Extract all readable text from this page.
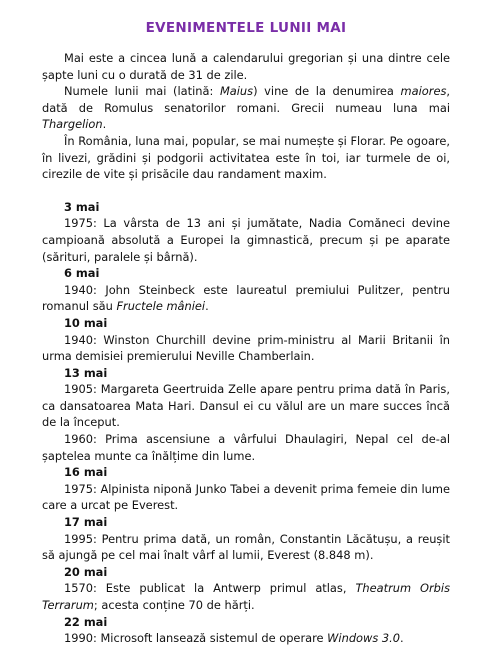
EVENIMENTELE LUNII MAI

Mai este a cincea lună a calendarului gregorian și una dintre cele șapte luni cu o durată de 31 de zile.

Numele lunii mai (latină: Maius) vine de la denumirea maiores, dată de Romulus senatorilor romani. Grecii numeau luna mai Thargelion.

În România, luna mai, popular, se mai numește și Florar. Pe ogoare, în livezi, grădini și podgorii activitatea este în toi, iar turmele de oi, cirezile de vite și prisăcile dau randament maxim.

3 mai

1975: La vârsta de 13 ani și jumătate, Nadia Comăneci devine campioană absolută a Europei la gimnastică, precum și pe aparate (sărituri, paralele și bârnă).

6 mai

1940: John Steinbeck este laureatul premiului Pulitzer, pentru romanul său Fructele mâniei.

10 mai

1940: Winston Churchill devine prim-ministru al Marii Britanii în urma demisiei premierului Neville Chamberlain.

13 mai

1905: Margareta Geertruida Zelle apare pentru prima dată în Paris, ca dansatoarea Mata Hari. Dansul ei cu vălul are un mare succes încă de la început.

1960: Prima ascensiune a vârfului Dhaulagiri, Nepal cel de-al șaptelea munte ca înălțime din lume.

16 mai

1975: Alpinista niponă Junko Tabei a devenit prima femeie din lume care a urcat pe Everest.

17 mai

1995: Pentru prima dată, un român, Constantin Lăcătușu, a reușit să ajungă pe cel mai înalt vârf al lumii, Everest (8.848 m).

20 mai

1570: Este publicat la Antwerp primul atlas, Theatrum Orbis Terrarum; acesta conține 70 de hărți.

22 mai

1990: Microsoft lansează sistemul de operare Windows 3.0.
